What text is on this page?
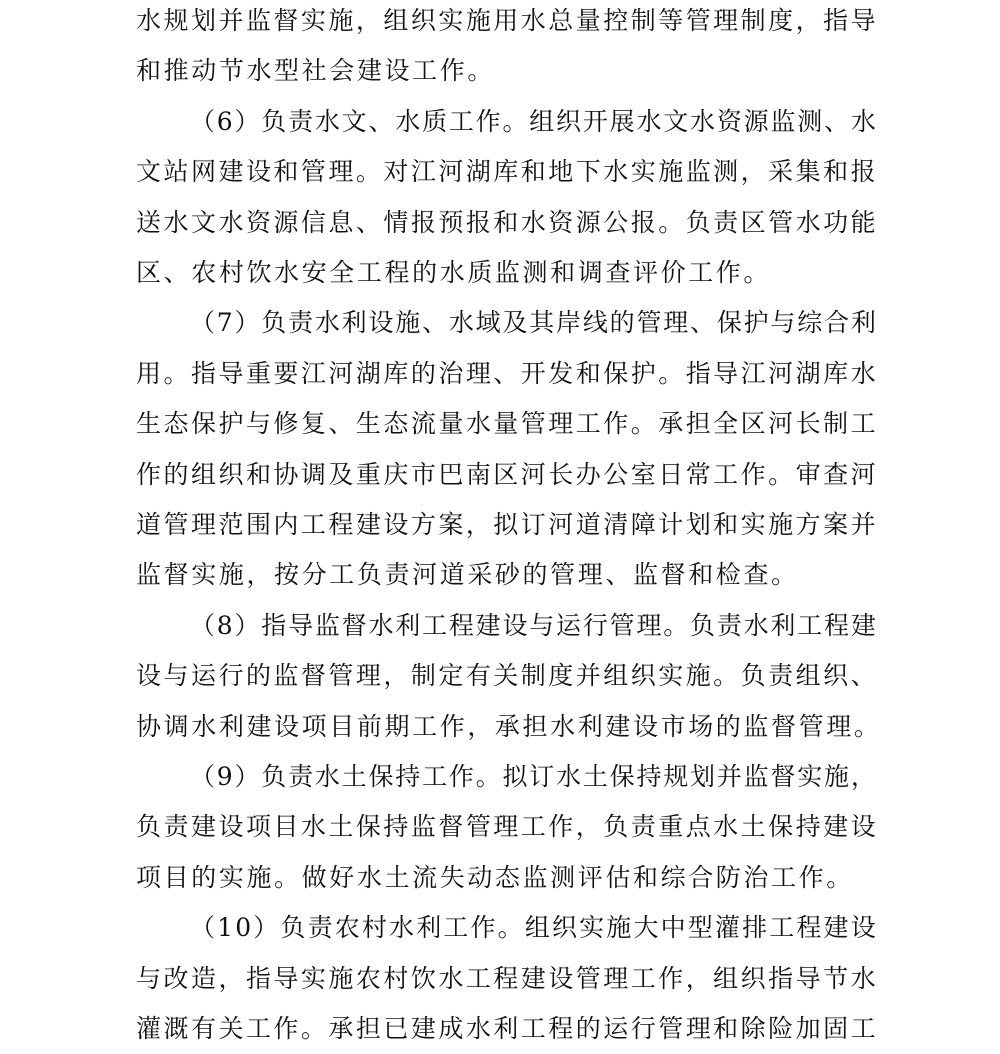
水 规 划 并 监 督 实 施 ， 组 织 实 施 用 水 总 量 控 制 等 管 理 制 度 ， 指 导
和 推 动 节 水 型 社 会 建 设 工 作 。
（ 6 ） 负 责 水 文 、 水 质 工 作 。 组 织 开 展 水 文 水 资 源 监 测 、 水
文 站 网 建 设 和 管 理 。 对 江 河 湖 库 和 地 下 水 实 施 监 测 ， 采 集 和 报
送 水 文 水 资 源 信 息 、 情 报 预 报 和 水 资 源 公 报 。 负 责 区 管 水 功 能
区 、 农 村 饮 水 安 全 工 程 的 水 质 监 测 和 调 查 评 价 工 作 。
（ 7 ） 负 责 水 利 设 施 、 水 域 及 其 岸 线 的 管 理 、 保 护 与 综 合 利
用 。 指 导 重 要 江 河 湖 库 的 治 理 、 开 发 和 保 护 。 指 导 江 河 湖 库 水
生 态 保 护 与 修 复 、 生 态 流 量 水 量 管 理 工 作 。 承 担 全 区 河 长 制 工
作 的 组 织 和 协 调 及 重 庆 市 巴 南 区 河 长 办 公 室 日 常 工 作 。 审 查 河
道 管 理 范 围 内 工 程 建 设 方 案 ， 拟 订 河 道 清 障 计 划 和 实 施 方 案 并
监 督 实 施 ， 按 分 工 负 责 河 道 采 砂 的 管 理 、 监 督 和 检 查 。
（ 8 ） 指 导 监 督 水 利 工 程 建 设 与 运 行 管 理 。 负 责 水 利 工 程 建
设 与 运 行 的 监 督 管 理 ， 制 定 有 关 制 度 并 组 织 实 施 。 负 责 组 织 、
协 调 水 利 建 设 项 目 前 期 工 作 ， 承 担 水 利 建 设 市 场 的 监 督 管 理 。
（ 9 ） 负 责 水 土 保 持 工 作 。 拟 订 水 土 保 持 规 划 并 监 督 实 施 ，
负 责 建 设 项 目 水 土 保 持 监 督 管 理 工 作 ， 负 责 重 点 水 土 保 持 建 设
项 目 的 实 施 。 做 好 水 土 流 失 动 态 监 测 评 估 和 综 合 防 治 工 作 。
（ 1 0 ） 负 责 农 村 水 利 工 作 。 组 织 实 施 大 中 型 灌 排 工 程 建 设
与 改 造 ， 指 导 实 施 农 村 饮 水 工 程 建 设 管 理 工 作 ， 组 织 指 导 节 水
灌 溉 有 关 工 作 。 承 担 已 建 成 水 利 工 程 的 运 行 管 理 和 除 险 加 固 工
